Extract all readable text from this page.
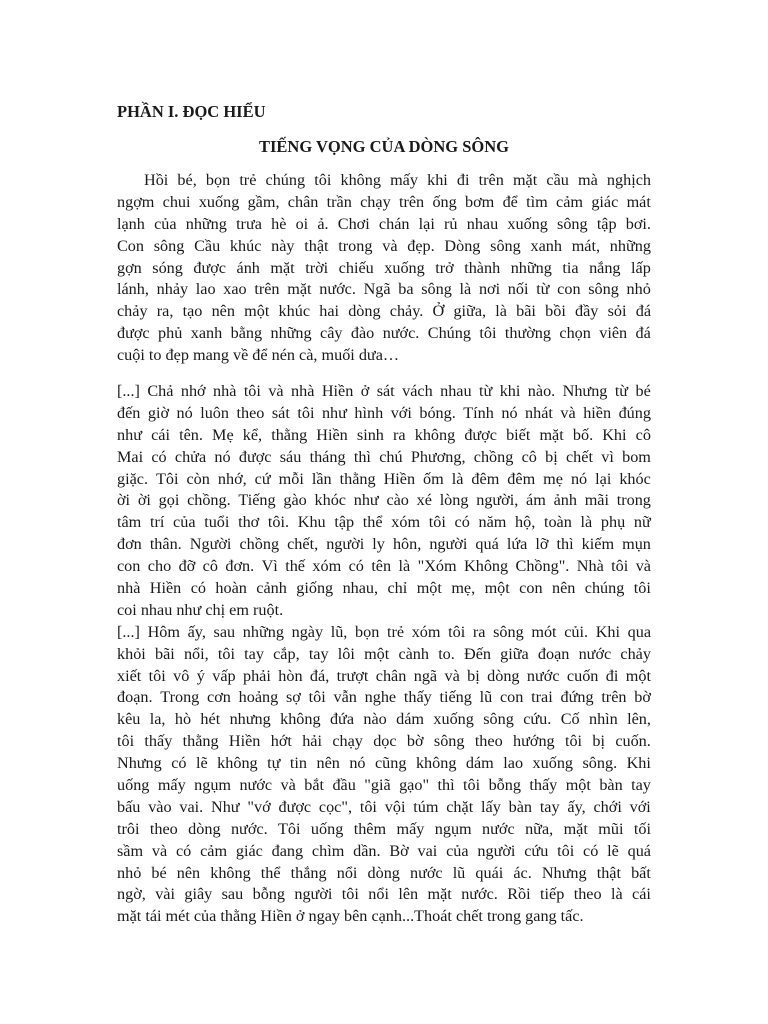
PHẦN I. ĐỌC HIỂU
TIẾNG VỌNG CỦA DÒNG SÔNG
Hồi bé, bọn trẻ chúng tôi không mấy khi đi trên mặt cầu mà nghịch
ngợm chui xuống gầm, chân trần chạy trên ống bơm để tìm cảm giác mát
lạnh của những trưa hè oi ả. Chơi chán lại rủ nhau xuống sông tập bơi.
Con sông Cầu khúc này thật trong và đẹp. Dòng sông xanh mát, những
gợn sóng được ánh mặt trời chiếu xuống trở thành những tia nắng lấp
lánh, nhảy lao xao trên mặt nước. Ngã ba sông là nơi nối từ con sông nhỏ
chảy ra, tạo nên một khúc hai dòng chảy. Ở giữa, là bãi bồi đầy sỏi đá
được phủ xanh bằng những cây đào nước. Chúng tôi thường chọn viên đá
cuội to đẹp mang về để nén cà, muối dưa…
[...] Chả nhớ nhà tôi và nhà Hiền ở sát vách nhau từ khi nào. Nhưng từ bé
đến giờ nó luôn theo sát tôi như hình với bóng. Tính nó nhát và hiền đúng
như cái tên. Mẹ kể, thằng Hiền sinh ra không được biết mặt bố. Khi cô
Mai có chửa nó được sáu tháng thì chú Phương, chồng cô bị chết vì bom
giặc. Tôi còn nhớ, cứ mỗi lần thằng Hiền ốm là đêm đêm mẹ nó lại khóc
ời ời gọi chồng. Tiếng gào khóc như cào xé lòng người, ám ảnh mãi trong
tâm trí của tuổi thơ tôi. Khu tập thể xóm tôi có năm hộ, toàn là phụ nữ
đơn thân. Người chồng chết, người ly hôn, người quá lứa lỡ thì kiếm mụn
con cho đỡ cô đơn. Vì thế xóm có tên là "Xóm Không Chồng". Nhà tôi và
nhà Hiền có hoàn cảnh giống nhau, chỉ một mẹ, một con nên chúng tôi
coi nhau như chị em ruột.
[...] Hôm ấy, sau những ngày lũ, bọn trẻ xóm tôi ra sông mót củi. Khi qua
khỏi bãi nổi, tôi tay cắp, tay lôi một cành to. Đến giữa đoạn nước chảy
xiết tôi vô ý vấp phải hòn đá, trượt chân ngã và bị dòng nước cuốn đi một
đoạn. Trong cơn hoảng sợ tôi vẫn nghe thấy tiếng lũ con trai đứng trên bờ
kêu la, hò hét nhưng không đứa nào dám xuống sông cứu. Cố nhìn lên,
tôi thấy thằng Hiền hớt hải chạy dọc bờ sông theo hướng tôi bị cuốn.
Nhưng có lẽ không tự tin nên nó cũng không dám lao xuống sông. Khi
uống mấy ngụm nước và bắt đầu "giã gạo" thì tôi bỗng thấy một bàn tay
bấu vào vai. Như "vớ được cọc", tôi vội túm chặt lấy bàn tay ấy, chới với
trôi theo dòng nước. Tôi uống thêm mấy ngụm nước nữa, mặt mũi tối
sầm và có cảm giác đang chìm dần. Bờ vai của người cứu tôi có lẽ quá
nhỏ bé nên không thể thắng nổi dòng nước lũ quái ác. Nhưng thật bất
ngờ, vài giây sau bỗng người tôi nổi lên mặt nước. Rồi tiếp theo là cái
mặt tái mét của thằng Hiền ở ngay bên cạnh...Thoát chết trong gang tấc.
